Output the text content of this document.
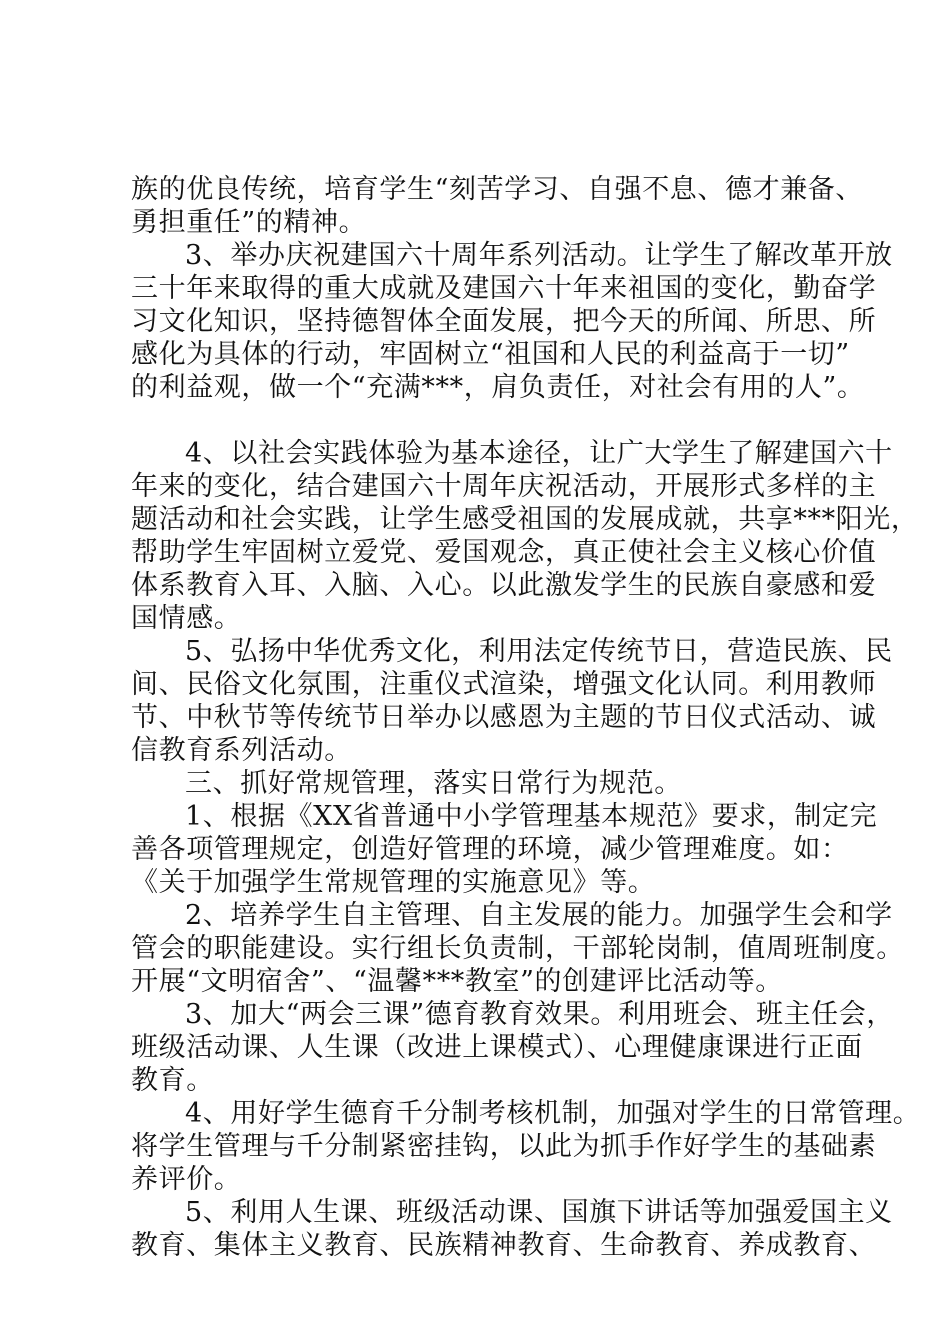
族的优良传统，培育学生“刻苦学习、自强不息、德才兼备、
勇担重任”的精神。
3、举办庆祝建国六十周年系列活动。让学生了解改革开放
三十年来取得的重大成就及建国六十年来祖国的变化，勤奋学
习文化知识，坚持德智体全面发展，把今天的所闻、所思、所
感化为具体的行动，牢固树立“祖国和人民的利益高于一切”
的利益观，做一个“充满***，肩负责任，对社会有用的人”。
4、以社会实践体验为基本途径，让广大学生了解建国六十
年来的变化，结合建国六十周年庆祝活动，开展形式多样的主
题活动和社会实践，让学生感受祖国的发展成就，共享***阳光，
帮助学生牢固树立爱党、爱国观念，真正使社会主义核心价值
体系教育入耳、入脑、入心。以此激发学生的民族自豪感和爱
国情感。
5、弘扬中华优秀文化，利用法定传统节日，营造民族、民
间、民俗文化氛围，注重仪式渲染，增强文化认同。利用教师
节、中秋节等传统节日举办以感恩为主题的节日仪式活动、诚
信教育系列活动。
三、抓好常规管理，落实日常行为规范。
1、根据《XX省普通中小学管理基本规范》要求，制定完
善各项管理规定，创造好管理的环境，减少管理难度。如：
《关于加强学生常规管理的实施意见》等。
2、培养学生自主管理、自主发展的能力。加强学生会和学
管会的职能建设。实行组长负责制，干部轮岗制，值周班制度。
开展“文明宿舍”、“温馨***教室”的创建评比活动等。
3、加大“两会三课”德育教育效果。利用班会、班主任会，
班级活动课、人生课（改进上课模式）、心理健康课进行正面
教育。
4、用好学生德育千分制考核机制，加强对学生的日常管理。
将学生管理与千分制紧密挂钩，以此为抓手作好学生的基础素
养评价。
5、利用人生课、班级活动课、国旗下讲话等加强爱国主义
教育、集体主义教育、民族精神教育、生命教育、养成教育、
